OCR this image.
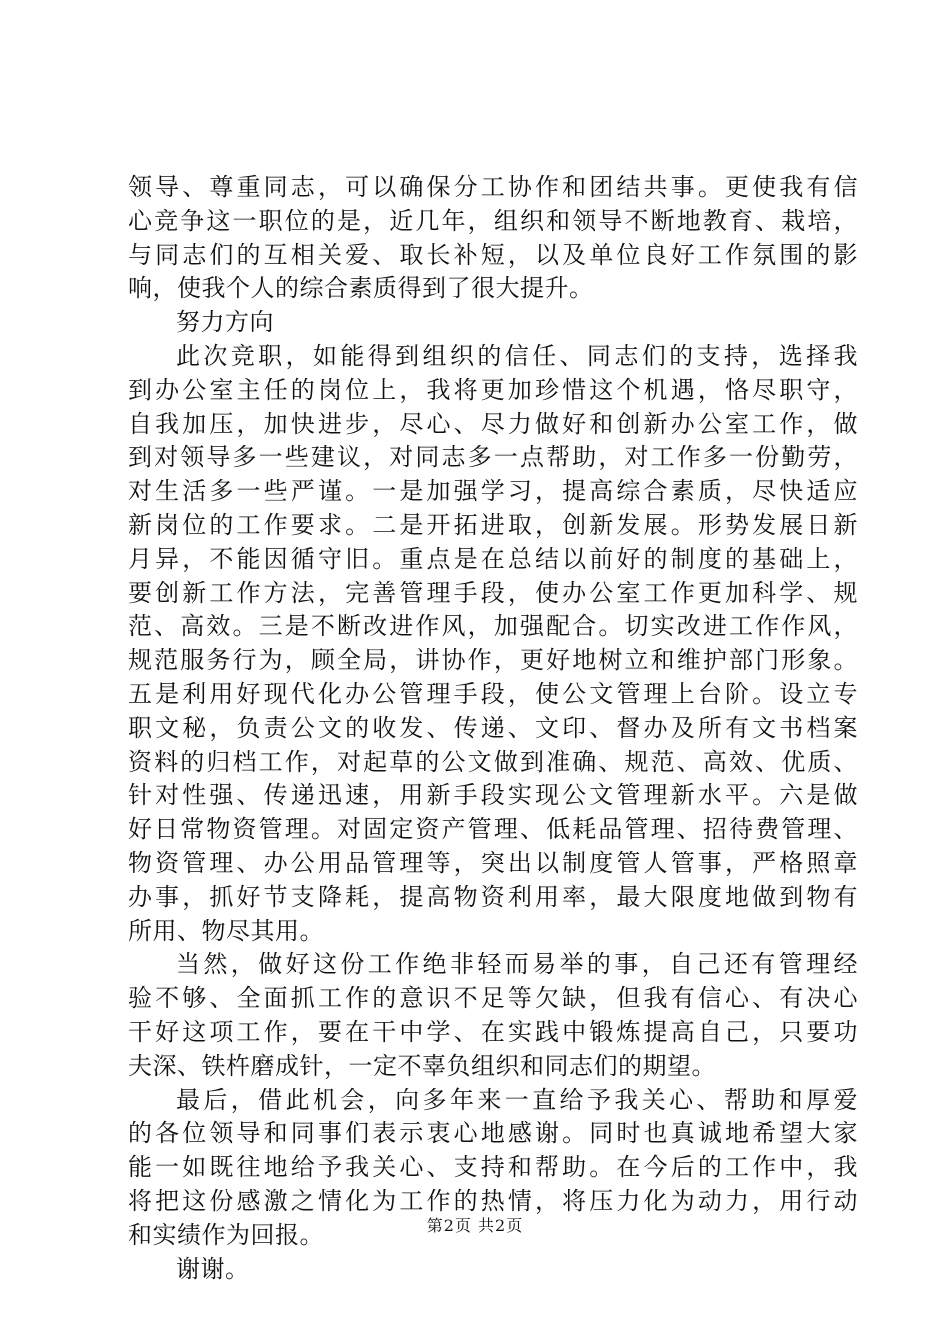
领导、尊重同志，可以确保分工协作和团结共事。更使我有信
心竞争这一职位的是，近几年，组织和领导不断地教育、栽培，
与同志们的互相关爱、取长补短，以及单位良好工作氛围的影
响，使我个人的综合素质得到了很大提升。
努力方向
此次竞职，如能得到组织的信任、同志们的支持，选择我
到办公室主任的岗位上，我将更加珍惜这个机遇，恪尽职守，
自我加压，加快进步，尽心、尽力做好和创新办公室工作，做
到对领导多一些建议，对同志多一点帮助，对工作多一份勤劳，
对生活多一些严谨。一是加强学习，提高综合素质，尽快适应
新岗位的工作要求。二是开拓进取，创新发展。形势发展日新
月异，不能因循守旧。重点是在总结以前好的制度的基础上，
要创新工作方法，完善管理手段，使办公室工作更加科学、规
范、高效。三是不断改进作风，加强配合。切实改进工作作风，
规范服务行为，顾全局，讲协作，更好地树立和维护部门形象。
五是利用好现代化办公管理手段，使公文管理上台阶。设立专
职文秘，负责公文的收发、传递、文印、督办及所有文书档案
资料的归档工作，对起草的公文做到准确、规范、高效、优质、
针对性强、传递迅速，用新手段实现公文管理新水平。六是做
好日常物资管理。对固定资产管理、低耗品管理、招待费管理、
物资管理、办公用品管理等，突出以制度管人管事，严格照章
办事，抓好节支降耗，提高物资利用率，最大限度地做到物有
所用、物尽其用。
当然，做好这份工作绝非轻而易举的事，自己还有管理经
验不够、全面抓工作的意识不足等欠缺，但我有信心、有决心
干好这项工作，要在干中学、在实践中锻炼提高自己，只要功
夫深、铁杵磨成针，一定不辜负组织和同志们的期望。
最后，借此机会，向多年来一直给予我关心、帮助和厚爱
的各位领导和同事们表示衷心地感谢。同时也真诚地希望大家
能一如既往地给予我关心、支持和帮助。在今后的工作中，我
将把这份感激之情化为工作的热情，将压力化为动力，用行动
和实绩作为回报。
谢谢。
第2页 共2页
